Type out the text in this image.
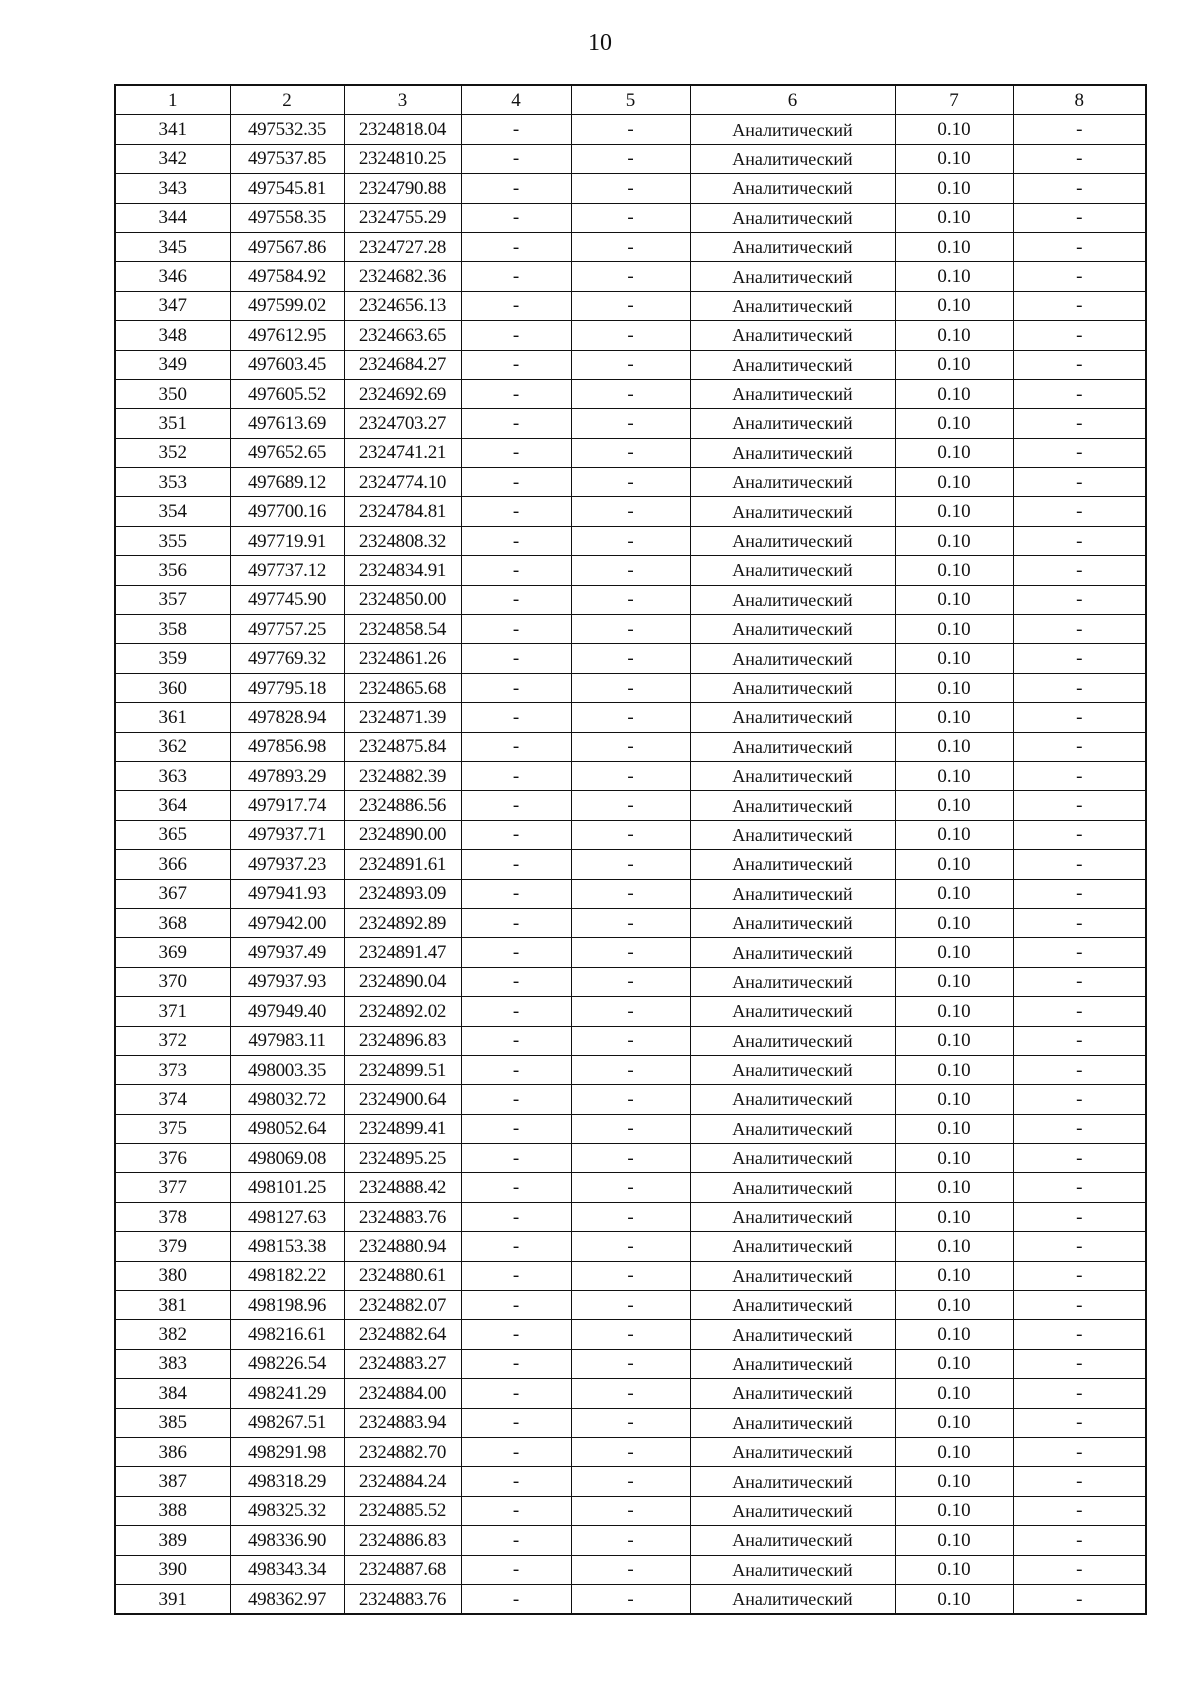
10
1	2	3	4	5	6	7	8
341	497532.35	2324818.04	-	-	Аналитический	0.10	-
342	497537.85	2324810.25	-	-	Аналитический	0.10	-
343	497545.81	2324790.88	-	-	Аналитический	0.10	-
344	497558.35	2324755.29	-	-	Аналитический	0.10	-
345	497567.86	2324727.28	-	-	Аналитический	0.10	-
346	497584.92	2324682.36	-	-	Аналитический	0.10	-
347	497599.02	2324656.13	-	-	Аналитический	0.10	-
348	497612.95	2324663.65	-	-	Аналитический	0.10	-
349	497603.45	2324684.27	-	-	Аналитический	0.10	-
350	497605.52	2324692.69	-	-	Аналитический	0.10	-
351	497613.69	2324703.27	-	-	Аналитический	0.10	-
352	497652.65	2324741.21	-	-	Аналитический	0.10	-
353	497689.12	2324774.10	-	-	Аналитический	0.10	-
354	497700.16	2324784.81	-	-	Аналитический	0.10	-
355	497719.91	2324808.32	-	-	Аналитический	0.10	-
356	497737.12	2324834.91	-	-	Аналитический	0.10	-
357	497745.90	2324850.00	-	-	Аналитический	0.10	-
358	497757.25	2324858.54	-	-	Аналитический	0.10	-
359	497769.32	2324861.26	-	-	Аналитический	0.10	-
360	497795.18	2324865.68	-	-	Аналитический	0.10	-
361	497828.94	2324871.39	-	-	Аналитический	0.10	-
362	497856.98	2324875.84	-	-	Аналитический	0.10	-
363	497893.29	2324882.39	-	-	Аналитический	0.10	-
364	497917.74	2324886.56	-	-	Аналитический	0.10	-
365	497937.71	2324890.00	-	-	Аналитический	0.10	-
366	497937.23	2324891.61	-	-	Аналитический	0.10	-
367	497941.93	2324893.09	-	-	Аналитический	0.10	-
368	497942.00	2324892.89	-	-	Аналитический	0.10	-
369	497937.49	2324891.47	-	-	Аналитический	0.10	-
370	497937.93	2324890.04	-	-	Аналитический	0.10	-
371	497949.40	2324892.02	-	-	Аналитический	0.10	-
372	497983.11	2324896.83	-	-	Аналитический	0.10	-
373	498003.35	2324899.51	-	-	Аналитический	0.10	-
374	498032.72	2324900.64	-	-	Аналитический	0.10	-
375	498052.64	2324899.41	-	-	Аналитический	0.10	-
376	498069.08	2324895.25	-	-	Аналитический	0.10	-
377	498101.25	2324888.42	-	-	Аналитический	0.10	-
378	498127.63	2324883.76	-	-	Аналитический	0.10	-
379	498153.38	2324880.94	-	-	Аналитический	0.10	-
380	498182.22	2324880.61	-	-	Аналитический	0.10	-
381	498198.96	2324882.07	-	-	Аналитический	0.10	-
382	498216.61	2324882.64	-	-	Аналитический	0.10	-
383	498226.54	2324883.27	-	-	Аналитический	0.10	-
384	498241.29	2324884.00	-	-	Аналитический	0.10	-
385	498267.51	2324883.94	-	-	Аналитический	0.10	-
386	498291.98	2324882.70	-	-	Аналитический	0.10	-
387	498318.29	2324884.24	-	-	Аналитический	0.10	-
388	498325.32	2324885.52	-	-	Аналитический	0.10	-
389	498336.90	2324886.83	-	-	Аналитический	0.10	-
390	498343.34	2324887.68	-	-	Аналитический	0.10	-
391	498362.97	2324883.76	-	-	Аналитический	0.10	-
